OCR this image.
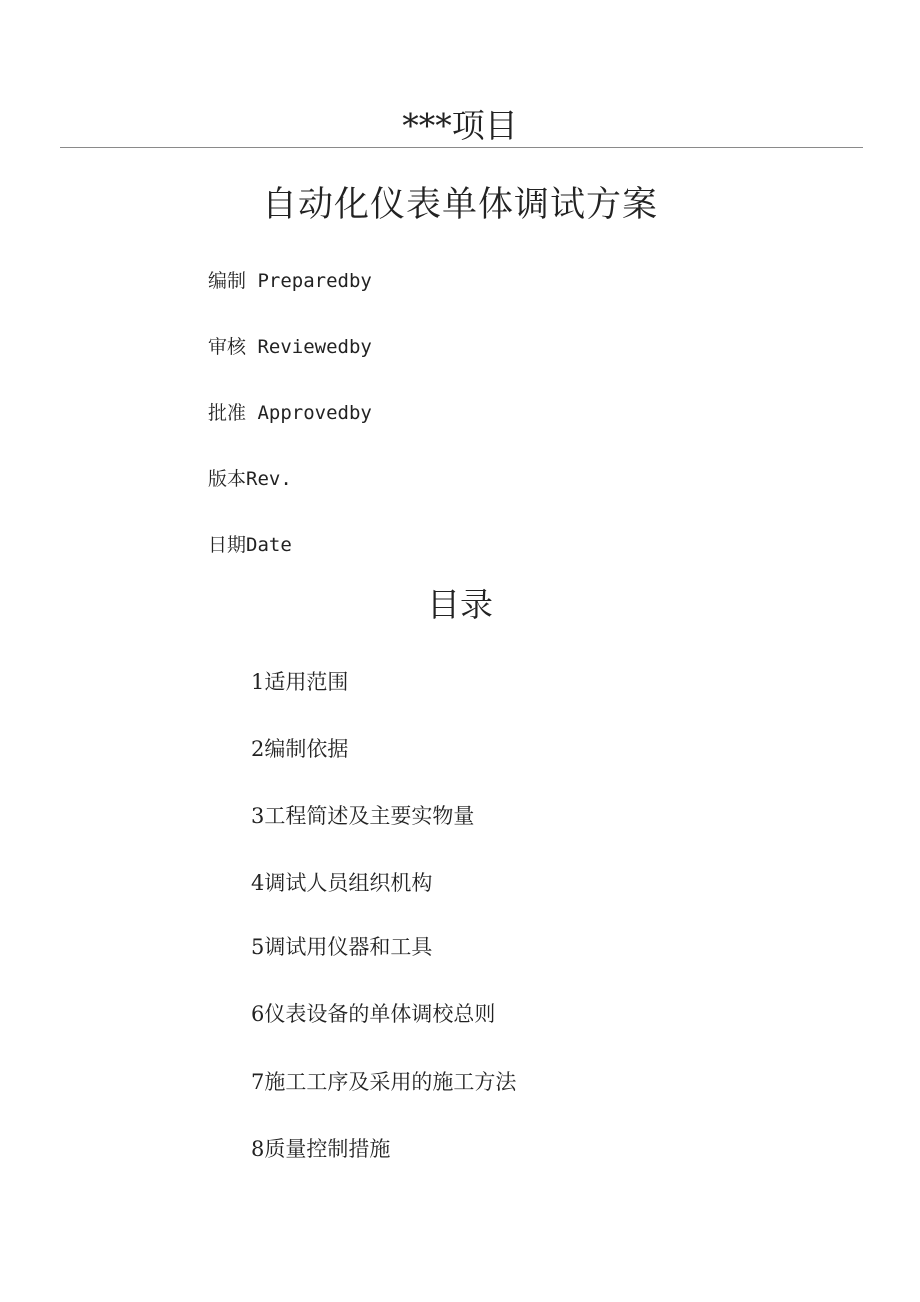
***项目
自动化仪表单体调试方案
编制 Preparedby
审核 Reviewedby
批准 Approvedby
版本Rev.
日期Date
目录
1适用范围
2编制依据
3工程简述及主要实物量
4调试人员组织机构
5调试用仪器和工具
6仪表设备的单体调校总则
7施工工序及采用的施工方法
8质量控制措施
